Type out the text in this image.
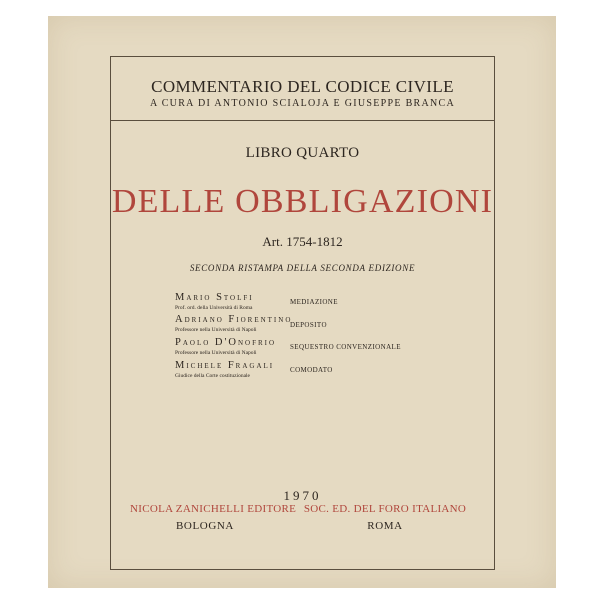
COMMENTARIO DEL CODICE CIVILE

A CURA DI ANTONIO SCIALOJA E GIUSEPPE BRANCA

LIBRO QUARTO

DELLE OBBLIGAZIONI

Art. 1754-1812

SECONDA RISTAMPA DELLA SECONDA EDIZIONE

Mario Stolfi

Prof. ord. della Università di Roma

MEDIAZIONE

Adriano Fiorentino

Professore nella Università di Napoli

DEPOSITO

Paolo D'Onofrio

Professore nella Università di Napoli

SEQUESTRO CONVENZIONALE

Michele Fragali

Giudice della Corte costituzionale

COMODATO

1970

NICOLA ZANICHELLI EDITORE

BOLOGNA

SOC. ED. DEL FORO ITALIANO

ROMA
